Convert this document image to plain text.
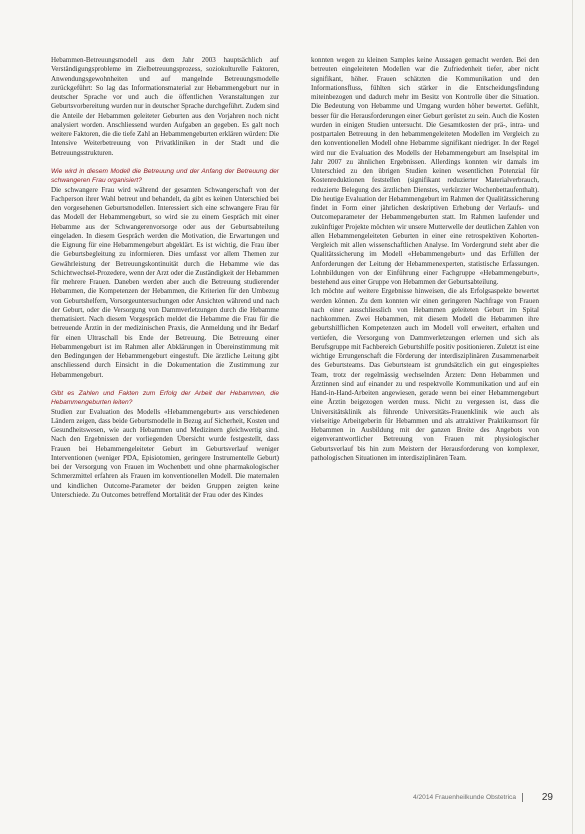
Hebammen-Betreuungsmodell aus dem Jahr 2003 hauptsächlich auf Verständigungsprobleme im Zielbetreuungsprozess, soziokulturelle Faktoren, Anwendungsgewohnheiten und auf mangelnde Betreuungsmodelle zurückgeführt: So lag das Informationsmaterial zur Hebammengeburt nur in deutscher Sprache vor und auch die öffentlichen Veranstaltungen zur Geburtsvorbereitung wurden nur in deutscher Sprache durchgeführt. Zudem sind die Anteile der Hebammen geleiteter Geburten aus den Vorjahren noch nicht analysiert worden. Anschliessend wurden Aufgaben an gegeben. Es galt noch weitere Faktoren, die die tiefe Zahl an Hebammengeburten erklären würden: Die Intensive Weiterbetreuung von Privatkliniken in der Stadt und die Betreuungsstrukturen.

Wie wird in diesem Modell die Betreuung und der Anfang der Betreuung der schwangeren Frau organisiert?

Die schwangere Frau wird während der gesamten Schwangerschaft von der Fachperson ihrer Wahl betreut und behandelt, da gibt es keinen Unterschied bei den vorgesehenen Geburtsmodellen. Interessiert sich eine schwangere Frau für das Modell der Hebammengeburt, so wird sie zu einem Gespräch mit einer Hebamme aus der Schwangerenvorsorge oder aus der Geburtsabteilung eingeladen. In diesem Gespräch werden die Motivation, die Erwartungen und die Eignung für eine Hebammengeburt abgeklärt. Es ist wichtig, die Frau über die Geburtsbegleitung zu informieren. Dies umfasst vor allem Themen zur Gewährleistung der Betreuungskontinuität durch die Hebamme wie das Schichtwechsel-Prozedere, wenn der Arzt oder die Zuständigkeit der Hebammen für mehrere Frauen. Daneben werden aber auch die Betreuung studierender Hebammen, die Kompetenzen der Hebammen, die Kriterien für den Umbezug von Geburtshelfern, Vorsorgeuntersuchungen oder Ansichten während und nach der Geburt, oder die Versorgung von Dammverletzungen durch die Hebamme thematisiert. Nach diesem Vorgespräch meldet die Hebamme die Frau für die betreuende Ärztin in der medizinischen Praxis, die Anmeldung und ihr Bedarf für einen Ultraschall bis Ende der Betreuung. Die Betreuung einer Hebammengeburt ist im Rahmen aller Abklärungen in Übereinstimmung mit den Bedingungen der Hebammengeburt eingestuft. Die ärztliche Leitung gibt anschliessend durch Einsicht in die Dokumentation die Zustimmung zur Hebammengeburt.

Gibt es Zahlen und Fakten zum Erfolg der Arbeit der Hebammen, die Hebammengeburten leiten?

Studien zur Evaluation des Modells «Hebammengeburt» aus verschiedenen Ländern zeigen, dass beide Geburtsmodelle in Bezug auf Sicherheit, Kosten und Gesundheitswesen, wie auch Hebammen und Medizinern gleichwertig sind. Nach den Ergebnissen der vorliegenden Übersicht wurde festgestellt, dass Frauen bei Hebammengeleiteter Geburt im Geburtsverlauf weniger Interventionen (weniger PDA, Episiotomien, geringere Instrumentelle Geburt) bei der Versorgung von Frauen im Wochenbett und ohne pharmakologischer Schmerzmittel erfahren als Frauen im konventionellen Modell. Die maternalen und kindlichen Outcome-Parameter der beiden Gruppen zeigten keine Unterschiede. Zu Outcomes betreffend Mortalität der Frau oder des Kindes

konnten wegen zu kleinen Samples keine Aussagen gemacht werden. Bei den betreuten eingeleiteten Modellen war die Zufriedenheit tiefer, aber nicht signifikant, höher. Frauen schätzten die Kommunikation und den Informationsfluss, fühlten sich stärker in die Entscheidungsfindung miteinbezogen und dadurch mehr im Besitz von Kontrolle über die Situation. Die Bedeutung von Hebamme und Umgang wurden höher bewertet. Gefühlt, besser für die Herausforderungen einer Geburt gerüstet zu sein. Auch die Kosten wurden in einigen Studien untersucht. Die Gesamtkosten der prä-, intra- und postpartalen Betreuung in den hebammengeleiteten Modellen im Vergleich zu den konventionellen Modell ohne Hebamme signifikant niedriger. In der Regel wird nur die Evaluation des Modells der Hebammengeburt am Inselspital im Jahr 2007 zu ähnlichen Ergebnissen. Allerdings konnten wir damals im Unterschied zu den übrigen Studien keinen wesentlichen Potenzial für Kostenreduktionen feststellen (signifikant reduzierter Materialverbrauch, reduzierte Belegung des ärztlichen Dienstes, verkürzter Wochenbettaufenthalt). Die heutige Evaluation der Hebammengeburt im Rahmen der Qualitätssicherung findet in Form einer jährlichen deskriptiven Erhebung der Verlaufs- und Outcomeparameter der Hebammengeburten statt. Im Rahmen laufender und zukünftiger Projekte möchten wir unsere Mutterwelle der deutlichen Zahlen von allen Hebammengeleiteten Geburten in einer eine retrospektiven Kohorten-Vergleich mit allen wissenschaftlichen Analyse. Im Vordergrund steht aber die Qualitätssicherung im Modell «Hebammengeburt» und das Erfüllen der Anforderungen der Leitung der Hebammenexperten, statistische Erfassungen. Lohnbildungen von der Einführung einer Fachgruppe «Hebammengeburt», bestehend aus einer Gruppe von Hebammen der Geburtsabteilung.

Ich möchte auf weitere Ergebnisse hinweisen, die als Erfolgsaspekte bewertet werden können. Zu dem konnten wir einen geringeren Nachfrage von Frauen nach einer ausschliesslich von Hebammen geleiteten Geburt im Spital nachkommen. Zwei Hebammen, mit diesem Modell die Hebammen ihre geburtshilflichen Kompetenzen auch im Modell voll erweitert, erhalten und vertiefen, die Versorgung von Dammverletzungen erlernen und sich als Berufsgruppe mit Fachbereich Geburtshilfe positiv positionieren. Zuletzt ist eine wichtige Errungenschaft die Förderung der interdisziplinären Zusammenarbeit des Geburtsteams. Das Geburtsteam ist grundsätzlich ein gut eingespieltes Team, trotz der regelmässig wechselnden Ärzten: Denn Hebammen und Ärztinnen sind auf einander zu und respektvolle Kommunikation und auf ein Hand-in-Hand-Arbeiten angewiesen, gerade wenn bei einer Hebammengeburt eine Ärztin beigezogen werden muss. Nicht zu vergessen ist, dass die Universitätsklinik als führende Universitäts-Frauenklinik wie auch als vielseitige Arbeitgeberin für Hebammen und als attraktiver Praktikumsort für Hebammen in Ausbildung mit der ganzen Breite des Angebots von eigenverantwortlicher Betreuung von Frauen mit physiologischer Geburtsverlauf bis hin zum Meistern der Herausforderung von komplexer, pathologischen Situationen im interdisziplinären Team.

4/2014 Frauenheilkunde Obstetrica	29
